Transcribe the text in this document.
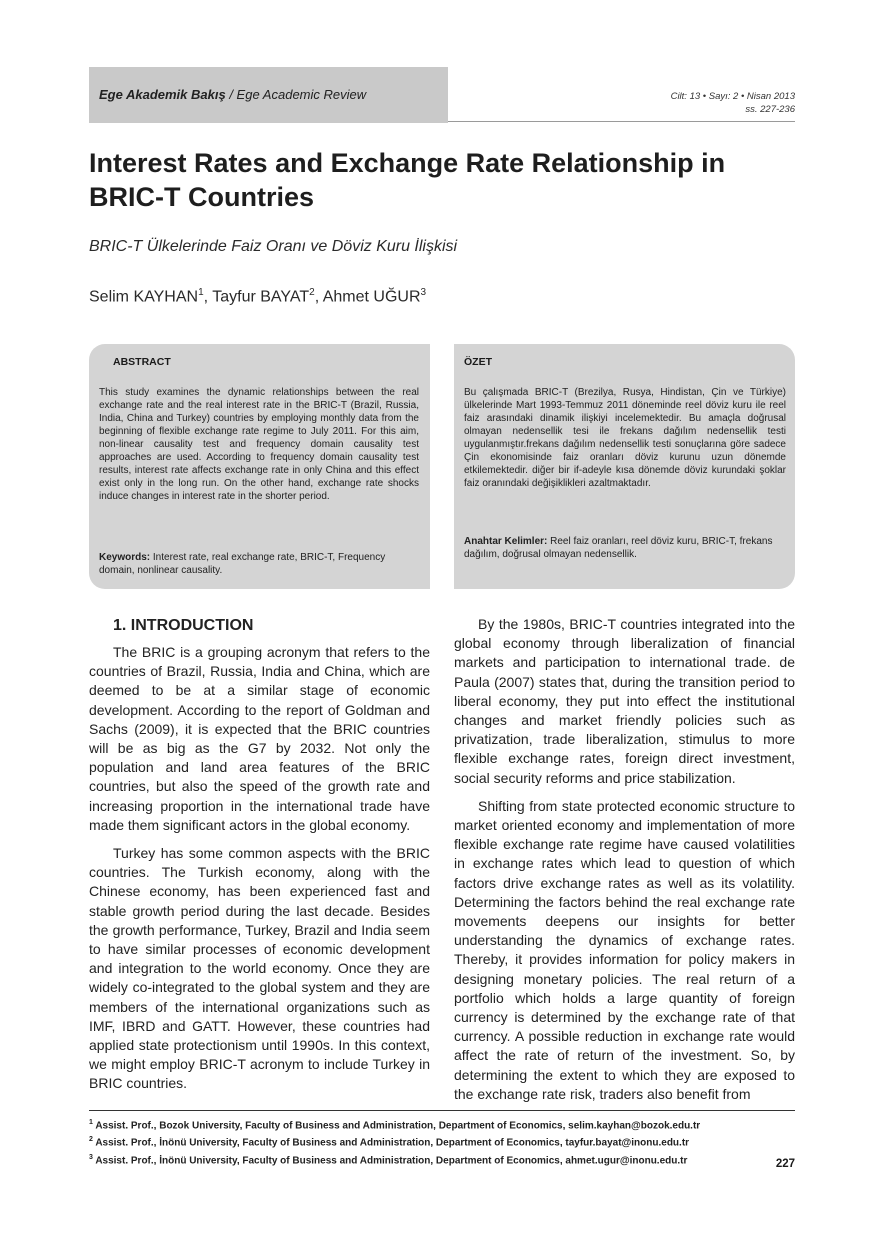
Ege Akademik Bakış / Ege Academic Review	Cilt: 13 • Sayı: 2 • Nisan 2013
ss. 227-236
Interest Rates and Exchange Rate Relationship in BRIC-T Countries
BRIC-T Ülkelerinde Faiz Oranı ve Döviz Kuru İlişkisi
Selim KAYHAN$^1$, Tayfur BAYAT$^2$, Ahmet UĞUR$^3$
ABSTRACT
This study examines the dynamic relationships between the real exchange rate and the real interest rate in the BRIC-T (Brazil, Russia, India, China and Turkey) countries by employing monthly data from the beginning of flexible exchange rate regime to July 2011. For this aim, non-linear causality test and frequency domain causality test approaches are used. According to frequency domain causality test results, interest rate affects exchange rate in only China and this effect exist only in the long run. On the other hand, exchange rate shocks induce changes in interest rate in the shorter period.
Keywords: Interest rate, real exchange rate, BRIC-T, Frequency domain, nonlinear causality.
ÖZET
Bu çalışmada BRIC-T (Brezilya, Rusya, Hindistan, Çin ve Türkiye) ülkelerinde Mart 1993-Temmuz 2011 döneminde reel döviz kuru ile reel faiz arasındaki dinamik ilişkiyi incelemektedir. Bu amaçla doğrusal olmayan nedensellik tesi ile frekans dağılım nedensellik testi uygulanmıştır.frekans dağılım nedensellik testi sonuçlarına göre sadece Çin ekonomisinde faiz oranları döviz kurunu uzun dönemde etkilemektedir. diğer bir if-adeyle kısa dönemde döviz kurundaki şoklar faiz oranındaki değişiklikleri azaltmaktadır.
Anahtar Kelimler: Reel faiz oranları, reel döviz kuru, BRIC-T, frekans dağılım, doğrusal olmayan nedensellik.
1. INTRODUCTION

The BRIC is a grouping acronym that refers to the countries of Brazil, Russia, India and China, which are deemed to be at a similar stage of economic development. According to the report of Goldman and Sachs (2009), it is expected that the BRIC countries will be as big as the G7 by 2032. Not only the population and land area features of the BRIC countries, but also the speed of the growth rate and increasing proportion in the international trade have made them significant actors in the global economy.

Turkey has some common aspects with the BRIC countries. The Turkish economy, along with the Chinese economy, has been experienced fast and stable growth period during the last decade. Besides the growth performance, Turkey, Brazil and India seem to have similar processes of economic development and integration to the world economy. Once they are widely co-integrated to the global system and they are members of the international organizations such as IMF, IBRD and GATT. However, these countries had applied state protectionism until 1990s. In this context, we might employ BRIC-T acronym to include Turkey in BRIC countries.

By the 1980s, BRIC-T countries integrated into the global economy through liberalization of financial markets and participation to international trade. de Paula (2007) states that, during the transition period to liberal economy, they put into effect the institutional changes and market friendly policies such as privatization, trade liberalization, stimulus to more flexible exchange rates, foreign direct investment, social security reforms and price stabilization.

Shifting from state protected economic structure to market oriented economy and implementation of more flexible exchange rate regime have caused volatilities in exchange rates which lead to question of which factors drive exchange rates as well as its volatility. Determining the factors behind the real exchange rate movements deepens our insights for better understanding the dynamics of exchange rates. Thereby, it provides information for policy makers in designing monetary policies. The real return of a portfolio which holds a large quantity of foreign currency is determined by the exchange rate of that currency. A possible reduction in exchange rate would affect the rate of return of the investment. So, by determining the extent to which they are exposed to the exchange rate risk, traders also benefit from

$^1$ Assist. Prof., Bozok University, Faculty of Business and Administration, Department of Economics, selim.kayhan@bozok.edu.tr
$^2$ Assist. Prof., İnönü University, Faculty of Business and Administration, Department of Economics, tayfur.bayat@inonu.edu.tr
$^3$ Assist. Prof., İnönü University, Faculty of Business and Administration, Department of Economics, ahmet.ugur@inonu.edu.tr	227
